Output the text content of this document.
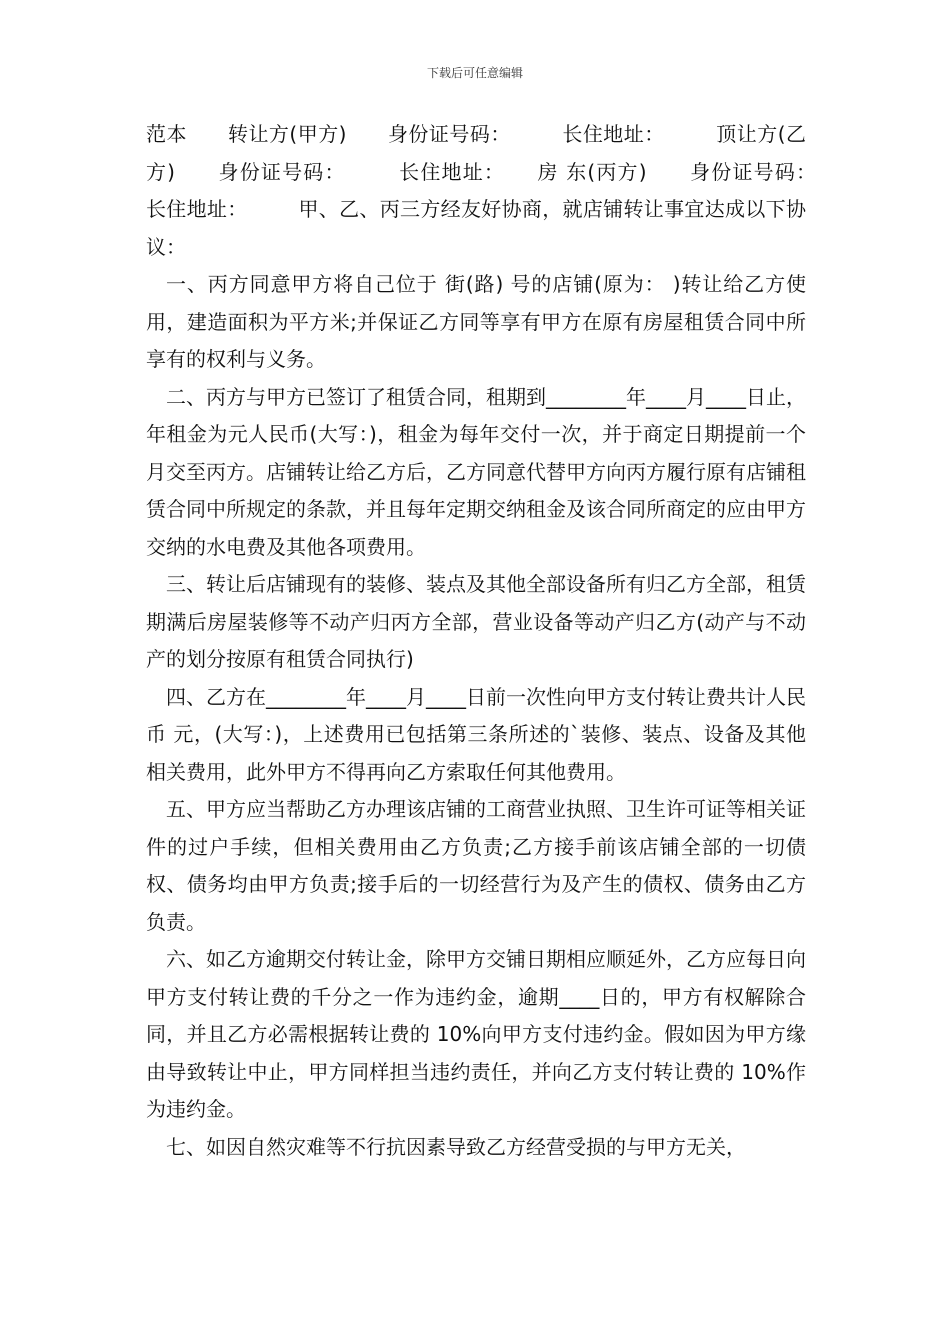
下载后可任意编辑

范本　　转让方(甲方)　　身份证号码：　　　长住地址：　　　顶让方(乙方)　　身份证号码：　　　长住地址：　　房 东(丙方)　　身份证号码：　　　长住地址：　　　甲、乙、丙三方经友好协商，就店铺转让事宜达成以下协议：

一、丙方同意甲方将自己位于 街(路) 号的店铺(原为： )转让给乙方使用，建造面积为平方米;并保证乙方同等享有甲方在原有房屋租赁合同中所享有的权利与义务。

二、丙方与甲方已签订了租赁合同，租期到________年____月____日止，年租金为元人民币(大写：)，租金为每年交付一次，并于商定日期提前一个月交至丙方。店铺转让给乙方后，乙方同意代替甲方向丙方履行原有店铺租赁合同中所规定的条款，并且每年定期交纳租金及该合同所商定的应由甲方交纳的水电费及其他各项费用。

三、转让后店铺现有的装修、装点及其他全部设备所有归乙方全部，租赁期满后房屋装修等不动产归丙方全部，营业设备等动产归乙方(动产与不动产的划分按原有租赁合同执行)

四、乙方在________年____月____日前一次性向甲方支付转让费共计人民币 元，(大写：)，上述费用已包括第三条所述的`装修、装点、设备及其他相关费用，此外甲方不得再向乙方索取任何其他费用。

五、甲方应当帮助乙方办理该店铺的工商营业执照、卫生许可证等相关证件的过户手续，但相关费用由乙方负责;乙方接手前该店铺全部的一切债权、债务均由甲方负责;接手后的一切经营行为及产生的债权、债务由乙方负责。

六、如乙方逾期交付转让金，除甲方交铺日期相应顺延外，乙方应每日向甲方支付转让费的千分之一作为违约金，逾期____日的，甲方有权解除合同，并且乙方必需根据转让费的 10%向甲方支付违约金。假如因为甲方缘由导致转让中止，甲方同样担当违约责任，并向乙方支付转让费的 10%作为违约金。

七、如因自然灾难等不行抗因素导致乙方经营受损的与甲方无关，
